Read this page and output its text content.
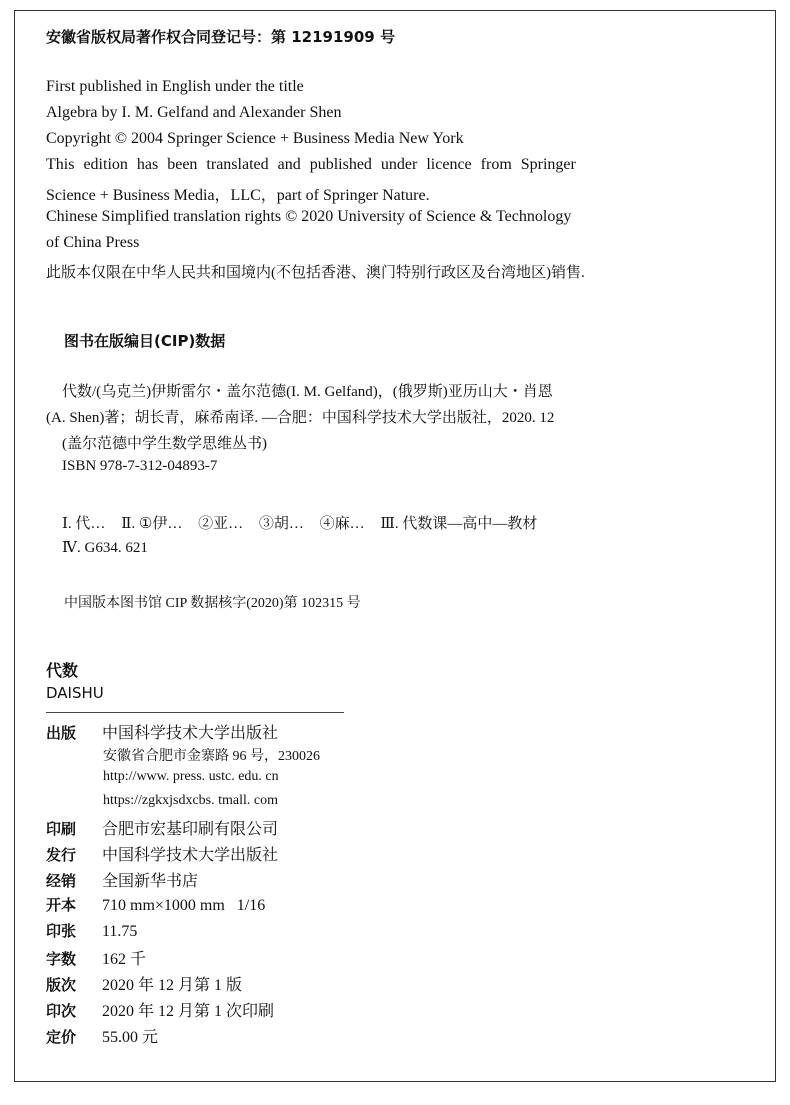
安徽省版权局著作权合同登记号：第 12191909 号
First published in English under the title
Algebra by I. M. Gelfand and Alexander Shen
Copyright © 2004 Springer Science + Business Media New York
This edition has been translated and published under licence from Springer
Science + Business Media，LLC，part of Springer Nature.
Chinese Simplified translation rights © 2020 University of Science & Technology
of China Press
此版本仅限在中华人民共和国境内(不包括香港、澳门特别行政区及台湾地区)销售.
图书在版编目(CIP)数据
代数/(乌克兰)伊斯雷尔・盖尔范德(I. M. Gelfand)，(俄罗斯)亚历山大・肖恩
(A. Shen)著；胡长青，麻希南译. —合肥：中国科学技术大学出版社，2020. 12
(盖尔范德中学生数学思维丛书)
ISBN 978-7-312-04893-7
Ⅰ. 代… Ⅱ. ①伊… ②亚… ③胡… ④麻… Ⅲ. 代数课—高中—教材
Ⅳ. G634. 621
中国版本图书馆 CIP 数据核字(2020)第 102315 号
代数
DAISHU
出版	中国科学技术大学出版社
安徽省合肥市金寨路 96 号，230026
http://www. press. ustc. edu. cn
https://zgkxjsdxcbs. tmall. com
印刷	合肥市宏基印刷有限公司
发行	中国科学技术大学出版社
经销	全国新华书店
开本	710 mm×1000 mm   1/16
印张	11.75
字数	162 千
版次	2020 年 12 月第 1 版
印次	2020 年 12 月第 1 次印刷
定价	55.00 元
